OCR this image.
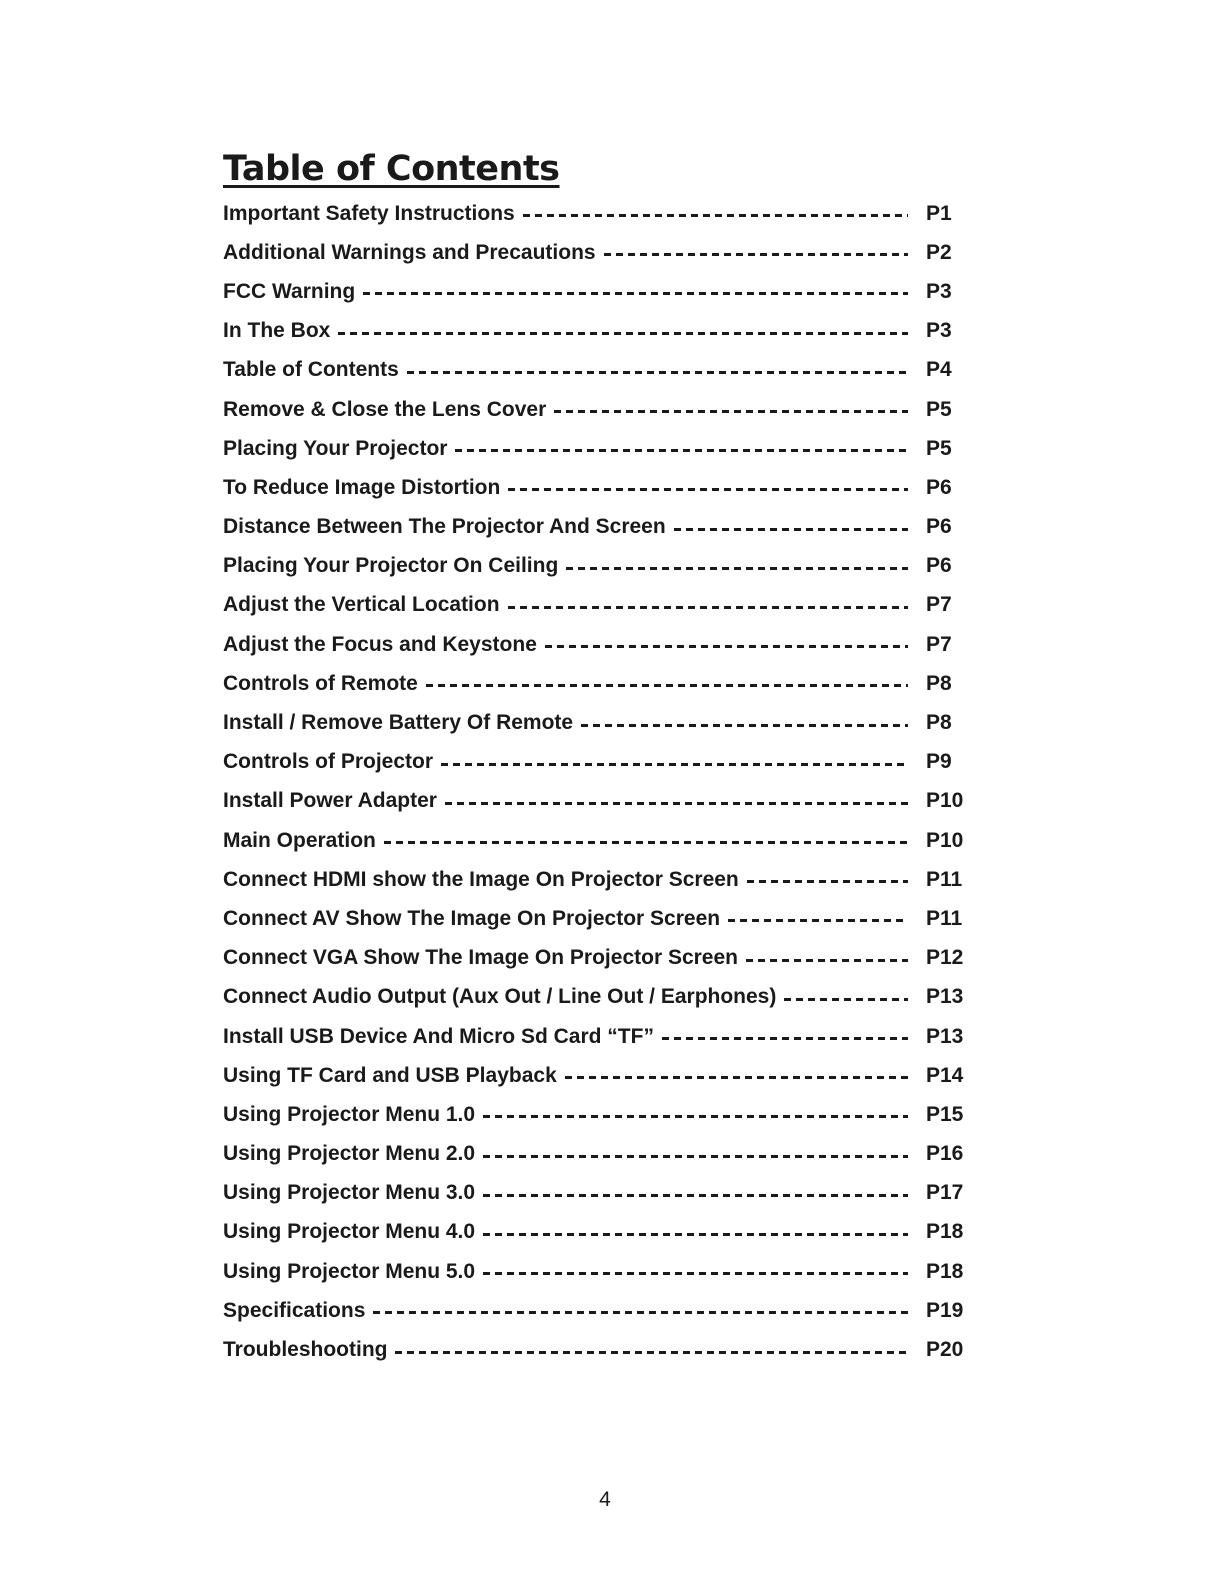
Table of Contents
Important Safety Instructions	P1
Additional Warnings and Precautions	P2
FCC Warning	P3
In The Box	P3
Table of Contents	P4
Remove & Close the Lens Cover	P5
Placing Your Projector	P5
To Reduce Image Distortion	P6
Distance Between The Projector And Screen	P6
Placing Your Projector On Ceiling	P6
Adjust the Vertical Location	P7
Adjust the Focus and Keystone	P7
Controls of Remote	P8
Install / Remove Battery Of Remote	P8
Controls of Projector	P9
Install Power Adapter	P10
Main Operation	P10
Connect HDMI show the Image On Projector Screen	P11
Connect AV Show The Image On Projector Screen	P11
Connect VGA Show The Image On Projector Screen	P12
Connect Audio Output (Aux Out / Line Out / Earphones)	P13
Install USB Device And Micro Sd Card “TF”	P13
Using TF Card and USB Playback	P14
Using Projector Menu 1.0	P15
Using Projector Menu 2.0	P16
Using Projector Menu 3.0	P17
Using Projector Menu 4.0	P18
Using Projector Menu 5.0	P18
Specifications	P19
Troubleshooting	P20
4
